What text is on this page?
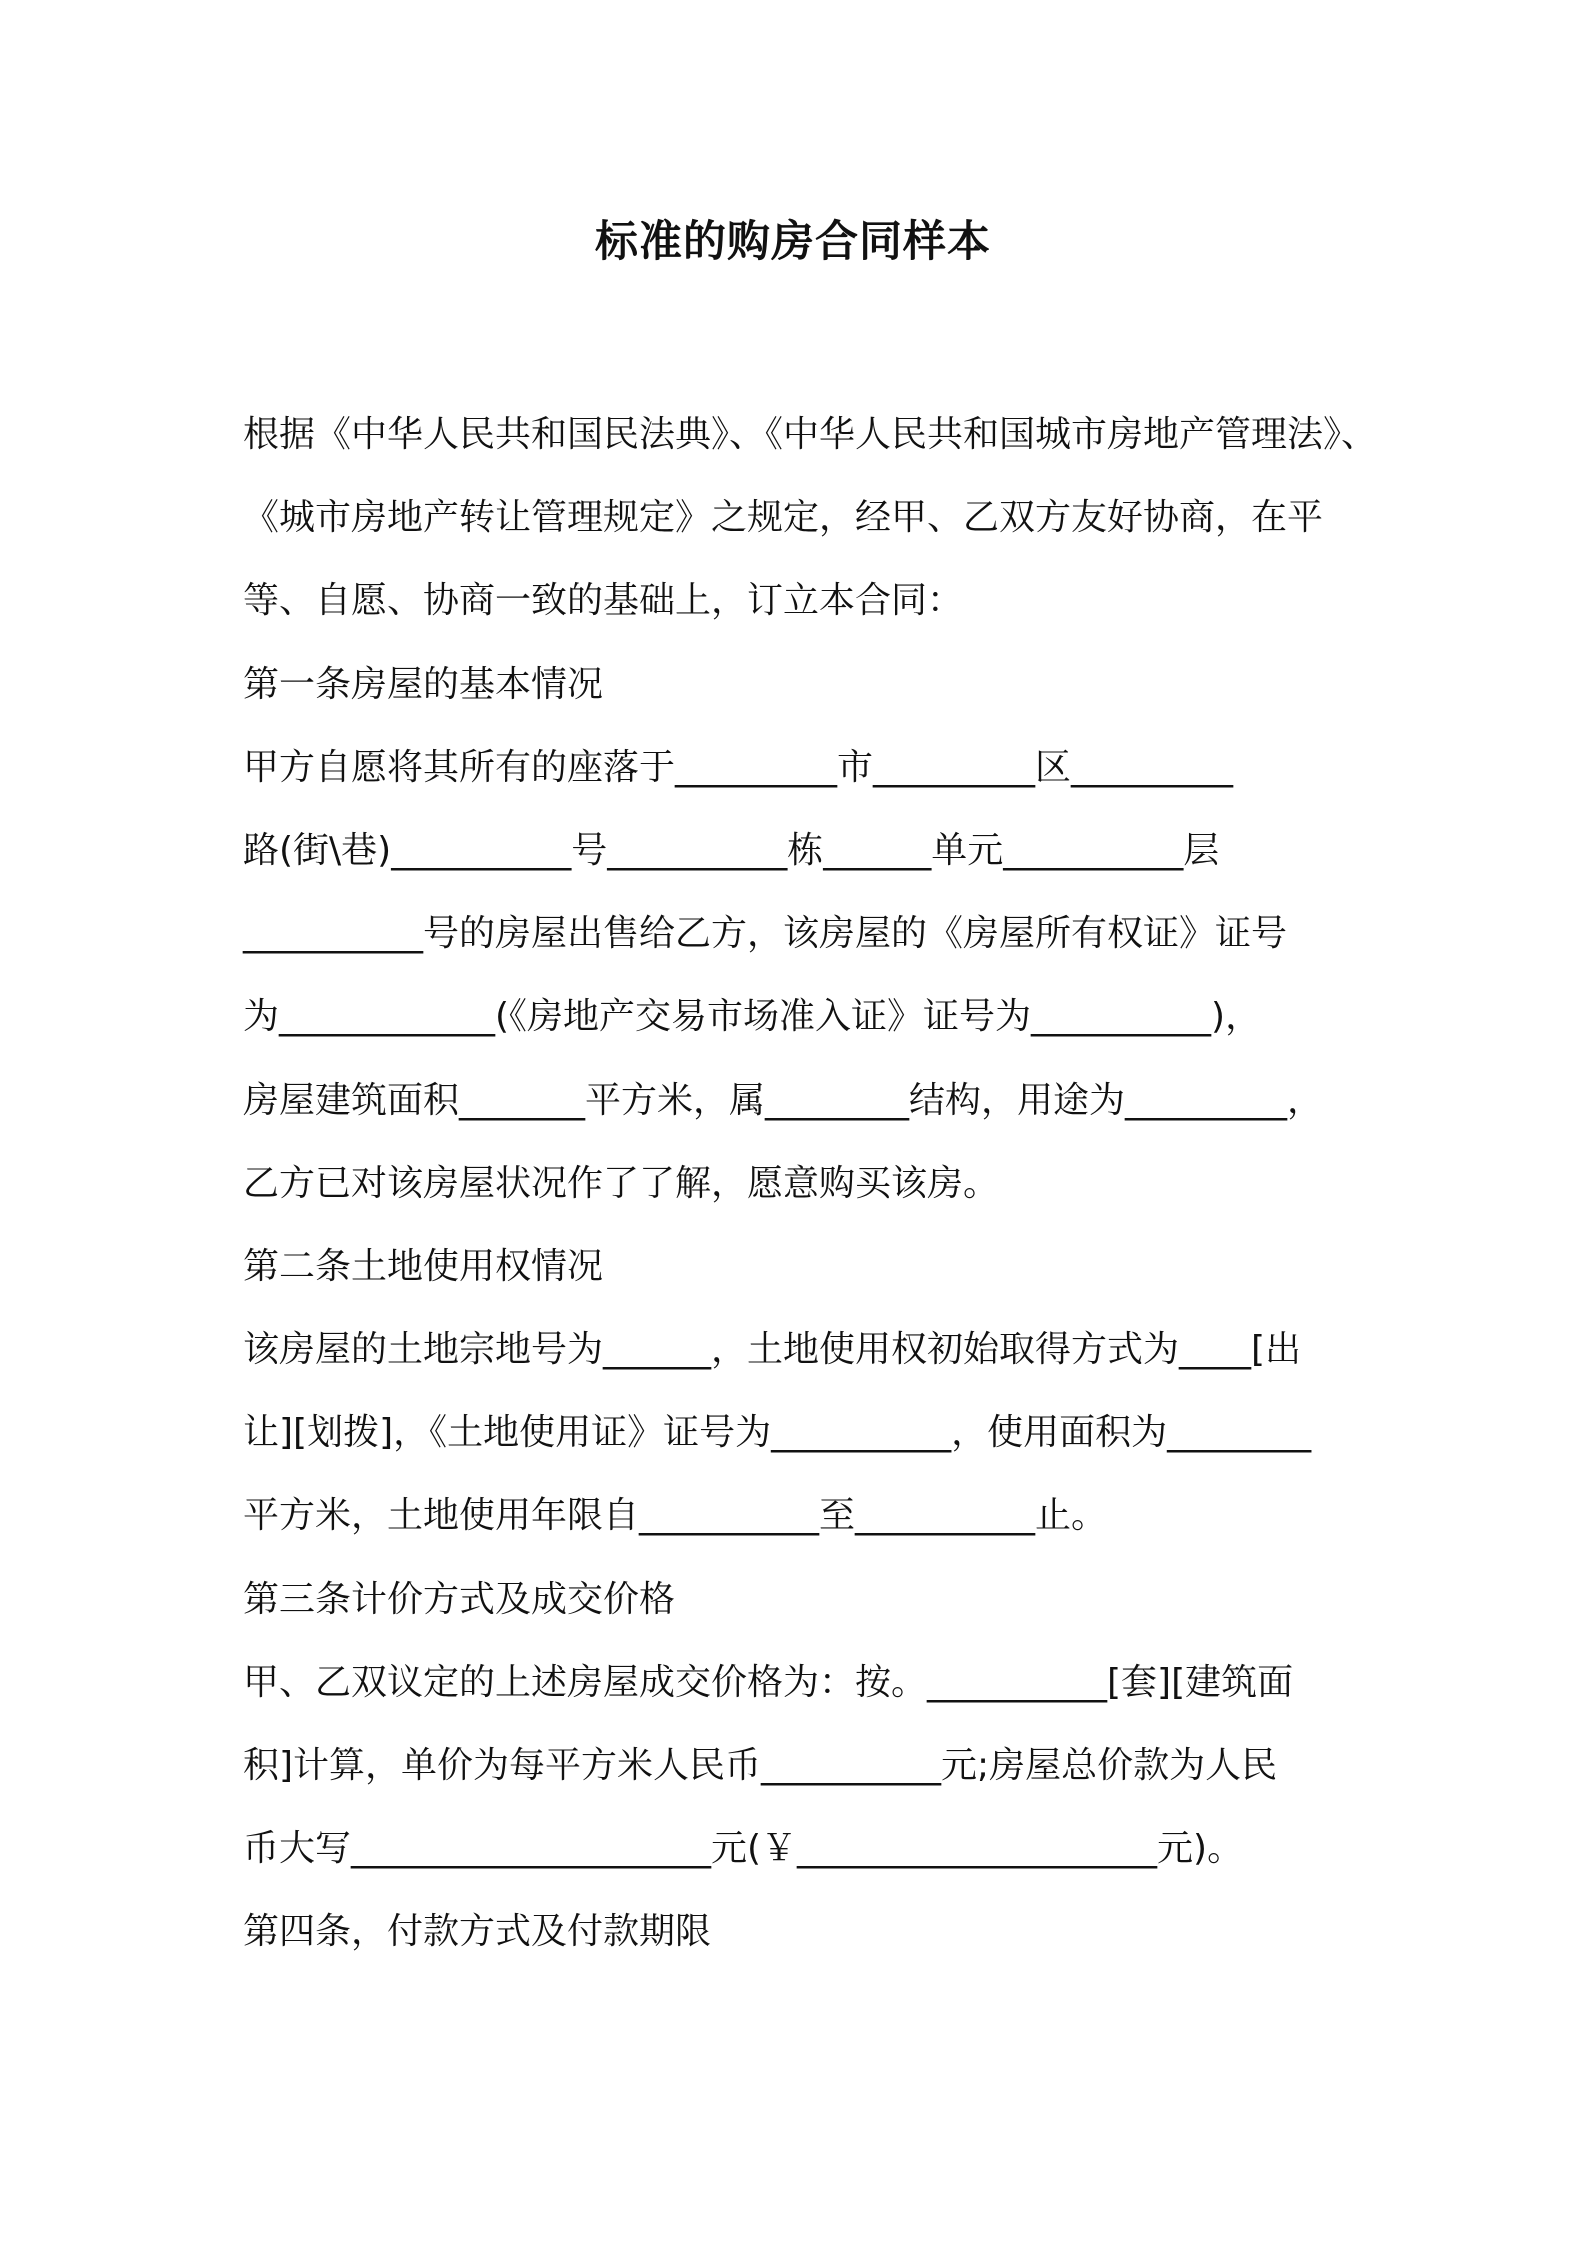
标准的购房合同样本

根据《中华人民共和国民法典》、《中华人民共和国城市房地产管理法》、

《城市房地产转让管理规定》之规定，经甲、乙双方友好协商，在平

等、自愿、协商一致的基础上，订立本合同：

第一条房屋的基本情况

甲方自愿将其所有的座落于_________市_________区_________

路(街\巷)__________号__________栋______单元__________层

__________号的房屋出售给乙方，该房屋的《房屋所有权证》证号

为____________(《房地产交易市场准入证》证号为__________)，

房屋建筑面积_______平方米，属________结构，用途为_________，

乙方已对该房屋状况作了了解，愿意购买该房。

第二条土地使用权情况

该房屋的土地宗地号为______，土地使用权初始取得方式为____[出

让][划拨]，《土地使用证》证号为__________，使用面积为________

平方米，土地使用年限自__________至__________止。

第三条计价方式及成交价格

甲、乙双议定的上述房屋成交价格为：按。__________[套][建筑面

积]计算，单价为每平方米人民币__________元;房屋总价款为人民

币大写____________________元(￥____________________元)。

第四条，付款方式及付款期限
